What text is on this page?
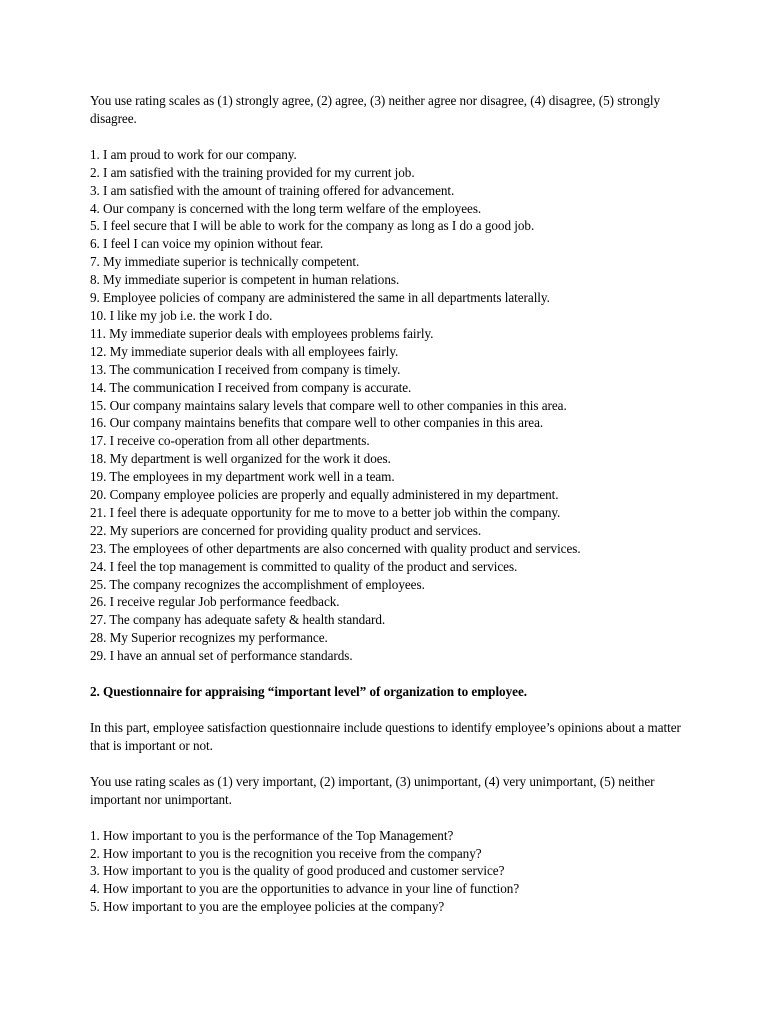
You use rating scales as (1) strongly agree, (2) agree, (3) neither agree nor disagree, (4) disagree, (5) strongly disagree.

1. I am proud to work for our company.
2. I am satisfied with the training provided for my current job.
3. I am satisfied with the amount of training offered for advancement.
4. Our company is concerned with the long term welfare of the employees.
5. I feel secure that I will be able to work for the company as long as I do a good job.
6. I feel I can voice my opinion without fear.
7. My immediate superior is technically competent.
8. My immediate superior is competent in human relations.
9. Employee policies of company are administered the same in all departments laterally.
10. I like my job i.e. the work I do.
11. My immediate superior deals with employees problems fairly.
12. My immediate superior deals with all employees fairly.
13. The communication I received from company is timely.
14. The communication I received from company is accurate.
15. Our company maintains salary levels that compare well to other companies in this area.
16. Our company maintains benefits that compare well to other companies in this area.
17. I receive co-operation from all other departments.
18. My department is well organized for the work it does.
19. The employees in my department work well in a team.
20. Company employee policies are properly and equally administered in my department.
21. I feel there is adequate opportunity for me to move to a better job within the company.
22. My superiors are concerned for providing quality product and services.
23. The employees of other departments are also concerned with quality product and services.
24. I feel the top management is committed to quality of the product and services.
25. The company recognizes the accomplishment of employees.
26. I receive regular Job performance feedback.
27. The company has adequate safety & health standard.
28. My Superior recognizes my performance.
29. I have an annual set of performance standards.

2. Questionnaire for appraising “important level” of organization to employee.

In this part, employee satisfaction questionnaire include questions to identify employee’s opinions about a matter that is important or not.

You use rating scales as (1) very important, (2) important, (3) unimportant, (4) very unimportant, (5) neither important nor unimportant.

1. How important to you is the performance of the Top Management?
2. How important to you is the recognition you receive from the company?
3. How important to you is the quality of good produced and customer service?
4. How important to you are the opportunities to advance in your line of function?
5. How important to you are the employee policies at the company?
